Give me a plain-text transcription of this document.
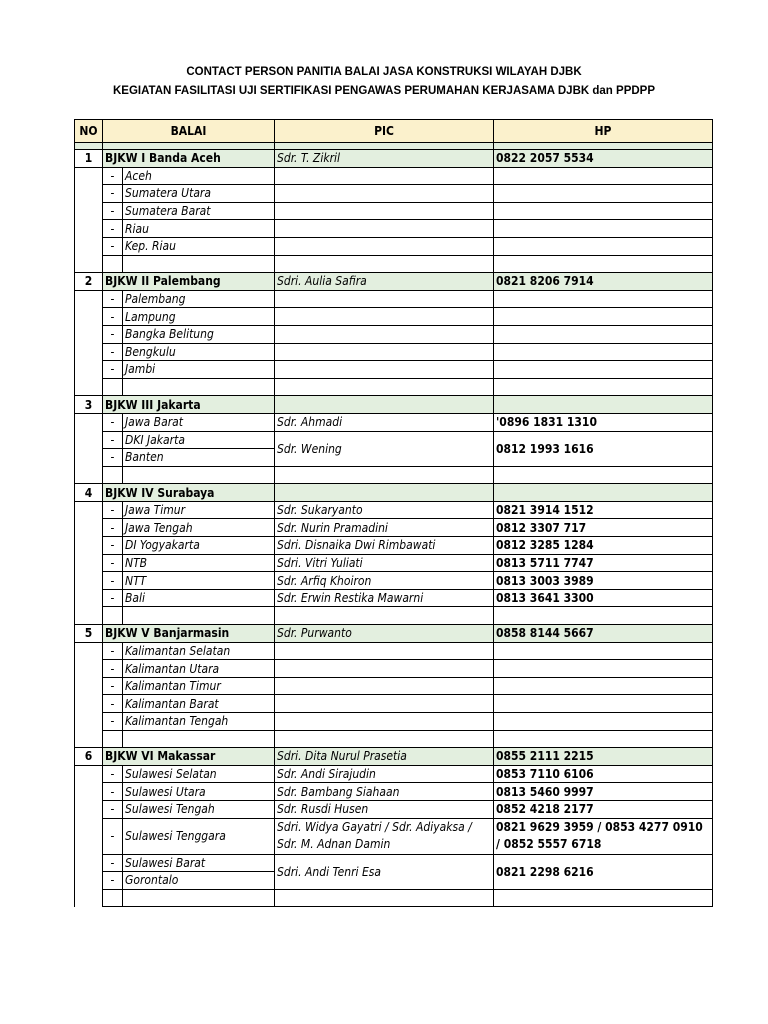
CONTACT PERSON PANITIA BALAI JASA KONSTRUKSI WILAYAH DJBK
KEGIATAN FASILITASI UJI SERTIFIKASI PENGAWAS PERUMAHAN KERJASAMA DJBK dan PPDPP
NO	BALAI		PIC	HP

1	BJKW I Banda Aceh		Sdr. T. Zikril	0822 2057 5534
	-	Aceh		
	-	Sumatera Utara		
	-	Sumatera Barat		
	-	Riau		
	-	Kep. Riau		

2	BJKW II Palembang		Sdri. Aulia Safira	0821 8206 7914
	-	Palembang		
	-	Lampung		
	-	Bangka Belitung		
	-	Bengkulu		
	-	Jambi		

3	BJKW III Jakarta			
	-	Jawa Barat	Sdr. Ahmadi	'0896 1831 1310
	-	DKI Jakarta	Sdr. Wening	0812 1993 1616
	-	Banten		

4	BJKW IV Surabaya			
	-	Jawa Timur	Sdr. Sukaryanto	0821 3914 1512
	-	Jawa Tengah	Sdr. Nurin Pramadini	0812 3307 717
	-	DI Yogyakarta	Sdri. Disnaika Dwi Rimbawati	0812 3285 1284
	-	NTB	Sdri. Vitri Yuliati	0813 5711 7747
	-	NTT	Sdr. Arfiq Khoiron	0813 3003 3989
	-	Bali	Sdr. Erwin Restika Mawarni	0813 3641 3300

5	BJKW V Banjarmasin		Sdr. Purwanto	0858 8144 5667
	-	Kalimantan Selatan		
	-	Kalimantan Utara		
	-	Kalimantan Timur		
	-	Kalimantan Barat		
	-	Kalimantan Tengah		

6	BJKW VI Makassar		Sdri. Dita Nurul Prasetia	0855 2111 2215
	-	Sulawesi Selatan	Sdr. Andi Sirajudin	0853 7110 6106
	-	Sulawesi Utara	Sdr. Bambang Siahaan	0813 5460 9997
	-	Sulawesi Tengah	Sdr. Rusdi Husen	0852 4218 2177
	-	Sulawesi Tenggara	Sdri. Widya Gayatri / Sdr. Adiyaksa / Sdr. M. Adnan Damin	0821 9629 3959 / 0853 4277 0910 / 0852 5557 6718
	-	Sulawesi Barat	Sdri. Andi Tenri Esa	0821 2298 6216
	-	Gorontalo		
